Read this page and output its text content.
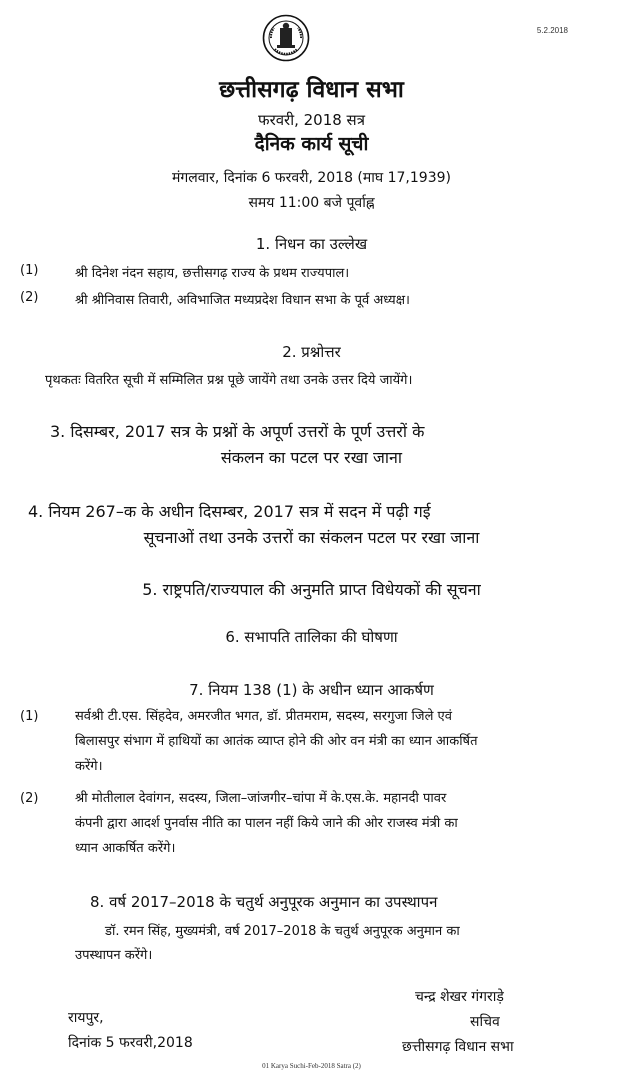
5.2.2018
छत्तीसगढ़ विधान सभा
फरवरी, 2018 सत्र
दैनिक कार्य सूची
मंगलवार, दिनांक 6 फरवरी, 2018 (माघ 17,1939)
समय 11:00 बजे पूर्वाह्न
1. निधन का उल्लेख
(1)	श्री दिनेश नंदन सहाय, छत्तीसगढ़ राज्य के प्रथम राज्यपाल।
(2)	श्री श्रीनिवास तिवारी, अविभाजित मध्यप्रदेश विधान सभा के पूर्व अध्यक्ष।
2. प्रश्नोत्तर
पृथकतः वितरित सूची में सम्मिलित प्रश्न पूछे जायेंगे तथा उनके उत्तर दिये जायेंगे।
3. दिसम्बर, 2017 सत्र के प्रश्नों के अपूर्ण उत्तरों के पूर्ण उत्तरों के
संकलन का पटल पर रखा जाना
4. नियम 267–क के अधीन दिसम्बर, 2017 सत्र में सदन में पढ़ी गई
सूचनाओं तथा उनके उत्तरों का संकलन पटल पर रखा जाना
5. राष्ट्रपति/राज्यपाल की अनुमति प्राप्त विधेयकों की सूचना
6. सभापति तालिका की घोषणा
7. नियम 138 (1) के अधीन ध्यान आकर्षण
(1)	सर्वश्री टी.एस. सिंहदेव, अमरजीत भगत, डॉ. प्रीतमराम, सदस्य, सरगुजा जिले एवं
बिलासपुर संभाग में हाथियों का आतंक व्याप्त होने की ओर वन मंत्री का ध्यान आकर्षित
करेंगे।
(2)	श्री मोतीलाल देवांगन, सदस्य, जिला–जांजगीर–चांपा में के.एस.के. महानदी पावर
कंपनी द्वारा आदर्श पुनर्वास नीति का पालन नहीं किये जाने की ओर राजस्व मंत्री का
ध्यान आकर्षित करेंगे।
8. वर्ष 2017–2018 के चतुर्थ अनुपूरक अनुमान का उपस्थापन
डॉ. रमन सिंह, मुख्यमंत्री, वर्ष 2017–2018 के चतुर्थ अनुपूरक अनुमान का
उपस्थापन करेंगे।
चन्द्र शेखर गंगराड़े
सचिव
छत्तीसगढ़ विधान सभा
रायपुर,
दिनांक 5 फरवरी,2018
01 Karya Suchi-Feb-2018 Satra (2)
